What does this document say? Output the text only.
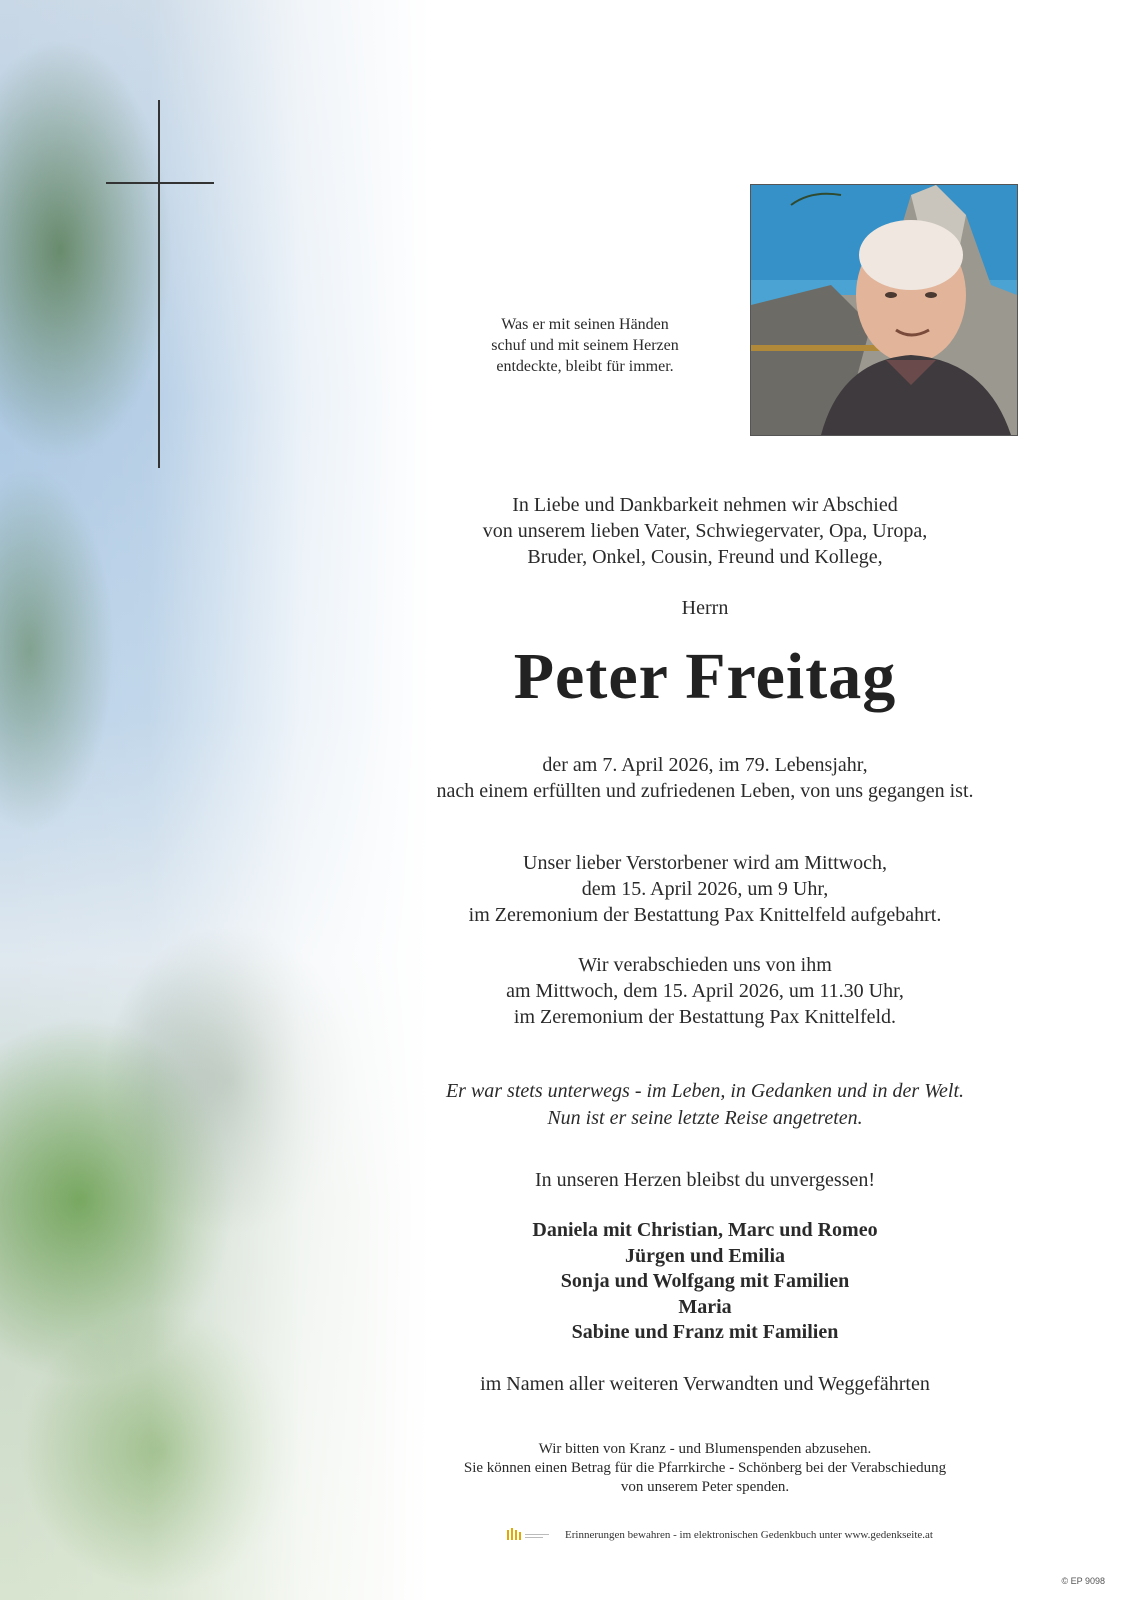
Was er mit seinen Händen
schuf und mit seinem Herzen
entdeckte, bleibt für immer.
In Liebe und Dankbarkeit nehmen wir Abschied
von unserem lieben Vater, Schwiegervater, Opa, Uropa,
Bruder, Onkel, Cousin, Freund und Kollege,
Herrn
Peter Freitag
der am 7. April 2026, im 79. Lebensjahr,
nach einem erfüllten und zufriedenen Leben, von uns gegangen ist.
Unser lieber Verstorbener wird am Mittwoch,
dem 15. April 2026, um 9 Uhr,
im Zeremonium der Bestattung Pax Knittelfeld aufgebahrt.
Wir verabschieden uns von ihm
am Mittwoch, dem 15. April 2026, um 11.30 Uhr,
im Zeremonium der Bestattung Pax Knittelfeld.
Er war stets unterwegs - im Leben, in Gedanken und in der Welt.
Nun ist er seine letzte Reise angetreten.
In unseren Herzen bleibst du unvergessen!
Daniela mit Christian, Marc und Romeo
Jürgen und Emilia
Sonja und Wolfgang mit Familien
Maria
Sabine und Franz mit Familien
im Namen aller weiteren Verwandten und Weggefährten
Wir bitten von Kranz - und Blumenspenden abzusehen.
Sie können einen Betrag für die Pfarrkirche - Schönberg bei der Verabschiedung
von unserem Peter spenden.
Erinnerungen bewahren - im elektronischen Gedenkbuch unter www.gedenkseite.at
© EP 9098
